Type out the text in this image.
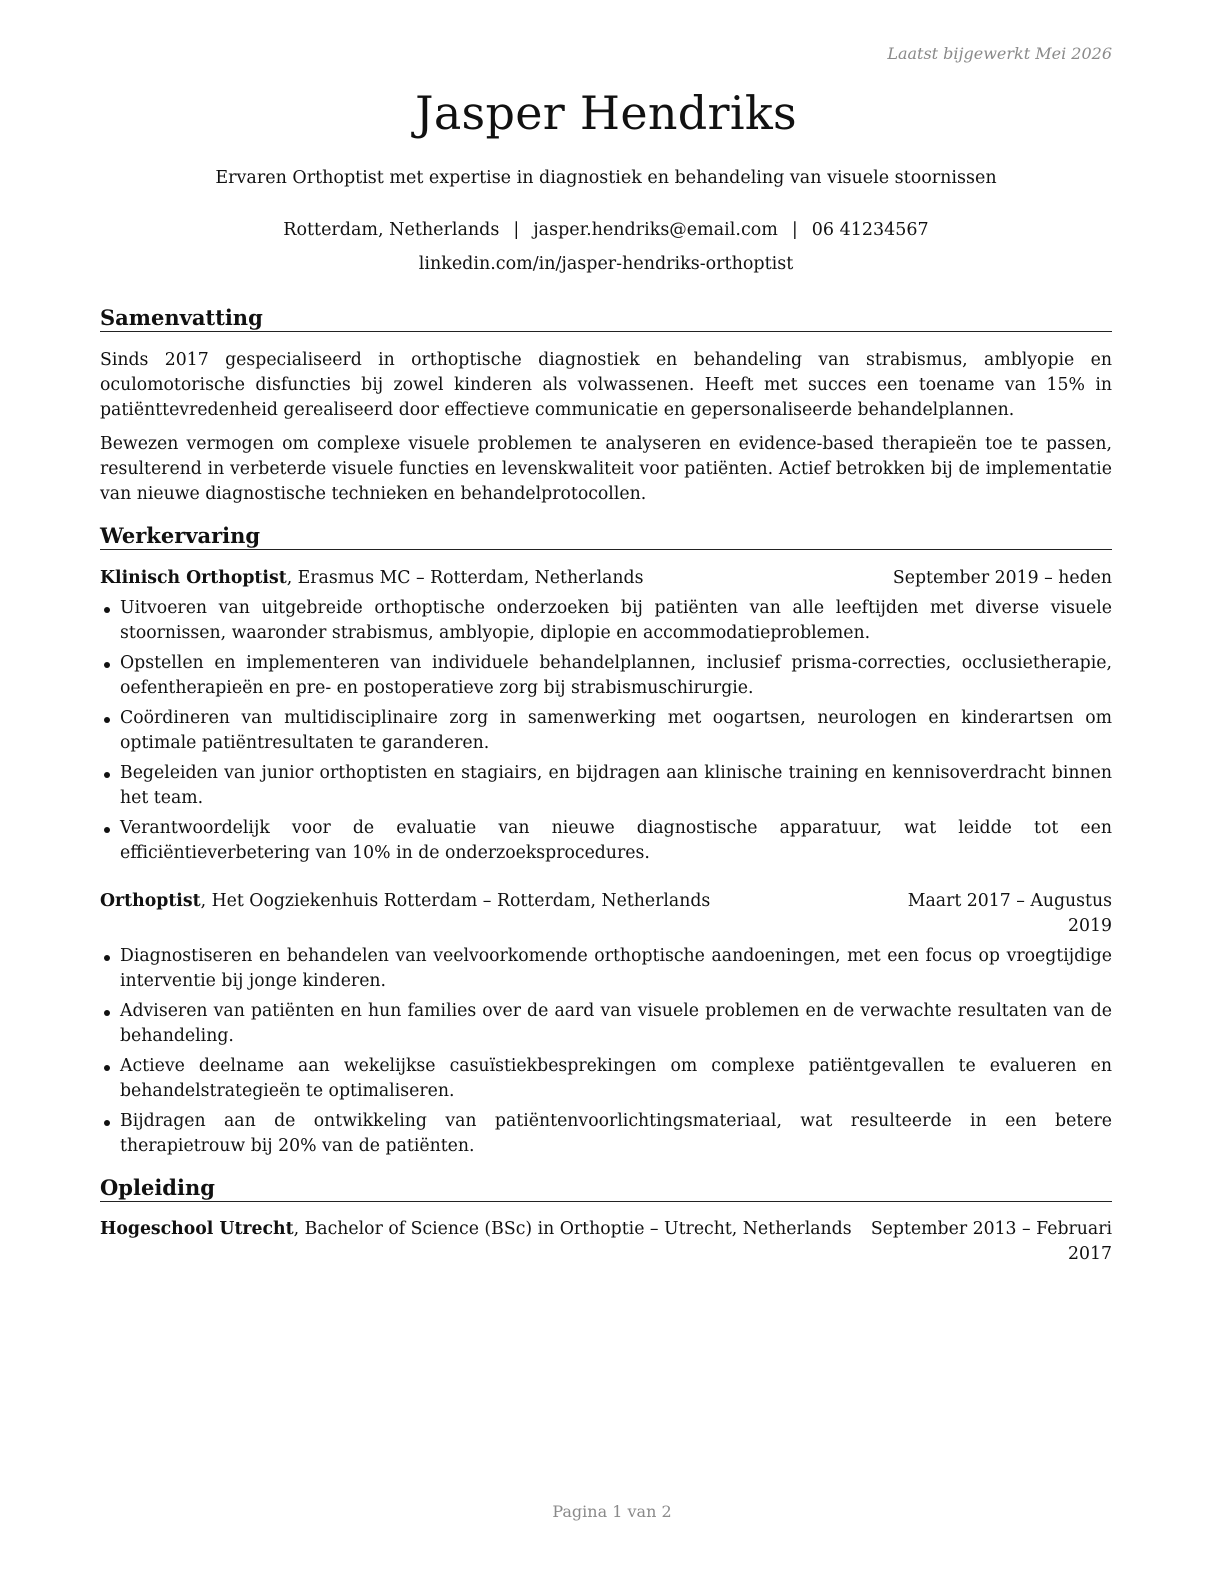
Laatst bijgewerkt Mei 2026
Jasper Hendriks
Ervaren Orthoptist met expertise in diagnostiek en behandeling van visuele stoornissen
Rotterdam, Netherlands | jasper.hendriks@email.com | 06 41234567
linkedin.com/in/jasper-hendriks-orthoptist
Samenvatting
Sinds 2017 gespecialiseerd in orthoptische diagnostiek en behandeling van strabismus, amblyopie en oculomotorische disfuncties bij zowel kinderen als volwassenen. Heeft met succes een toename van 15% in patiënttevredenheid gerealiseerd door effectieve communicatie en gepersonaliseerde behandelplannen.
Bewezen vermogen om complexe visuele problemen te analyseren en evidence-based therapieën toe te passen, resulterend in verbeterde visuele functies en levenskwaliteit voor patiënten. Actief betrokken bij de implementatie van nieuwe diagnostische technieken en behandelprotocollen.
Werkervaring
Klinisch Orthoptist, Erasmus MC – Rotterdam, Netherlands	September 2019 – heden
Uitvoeren van uitgebreide orthoptische onderzoeken bij patiënten van alle leeftijden met diverse visuele stoornissen, waaronder strabismus, amblyopie, diplopie en accommodatieproblemen.
Opstellen en implementeren van individuele behandelplannen, inclusief prisma-correcties, occlusietherapie, oefentherapieën en pre- en postoperatieve zorg bij strabismuschirurgie.
Coördineren van multidisciplinaire zorg in samenwerking met oogartsen, neurologen en kinderartsen om optimale patiëntresultaten te garanderen.
Begeleiden van junior orthoptisten en stagiairs, en bijdragen aan klinische training en kennisoverdracht binnen het team.
Verantwoordelijk voor de evaluatie van nieuwe diagnostische apparatuur, wat leidde tot een efficiëntieverbetering van 10% in de onderzoeksprocedures.
Orthoptist, Het Oogziekenhuis Rotterdam – Rotterdam, Netherlands	Maart 2017 – Augustus
2019
Diagnostiseren en behandelen van veelvoorkomende orthoptische aandoeningen, met een focus op vroegtijdige interventie bij jonge kinderen.
Adviseren van patiënten en hun families over de aard van visuele problemen en de verwachte resultaten van de behandeling.
Actieve deelname aan wekelijkse casuïstiekbesprekingen om complexe patiëntgevallen te evalueren en behandelstrategieën te optimaliseren.
Bijdragen aan de ontwikkeling van patiëntenvoorlichtingsmateriaal, wat resulteerde in een betere therapietrouw bij 20% van de patiënten.
Opleiding
Hogeschool Utrecht, Bachelor of Science (BSc) in Orthoptie – Utrecht, Netherlands September 2013 – Februari
2017
Pagina 1 van 2
